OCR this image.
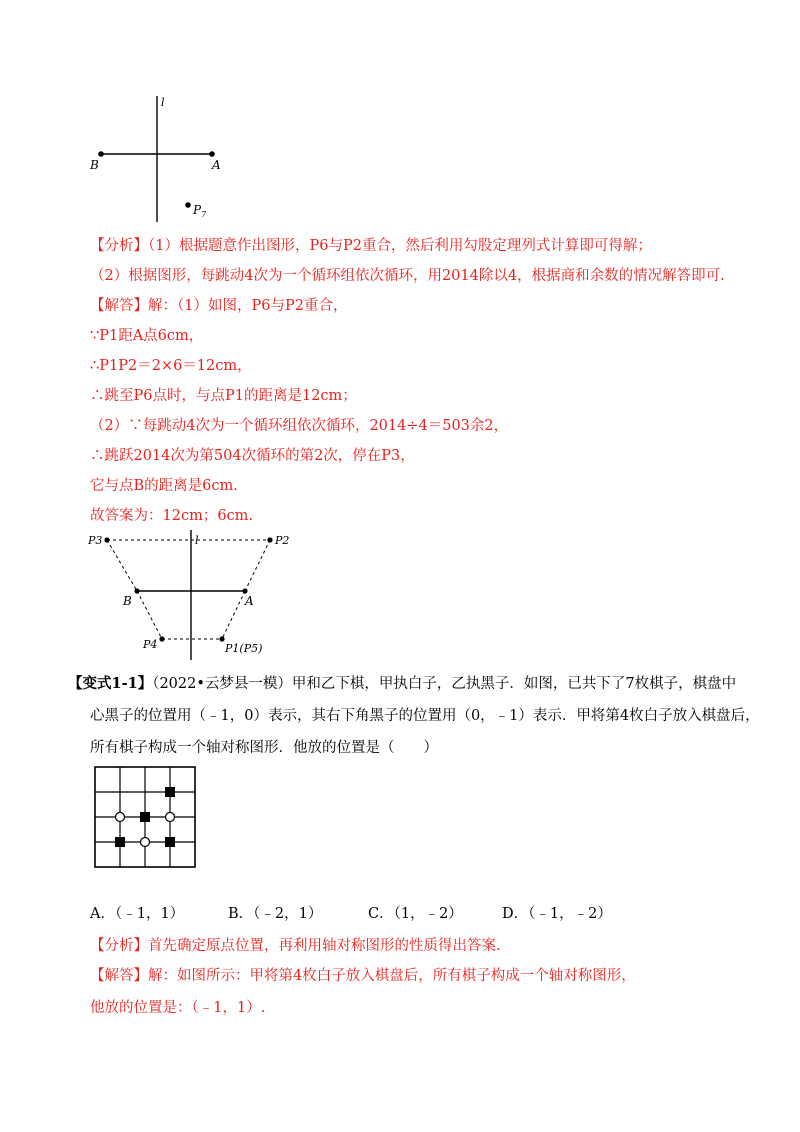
l
B	A
$P_7$
【分析】（1）根据题意作出图形，P6与P2重合，然后利用勾股定理列式计算即可得解；
（2）根据图形，每跳动4次为一个循环组依次循环，用2014除以4，根据商和余数的情况解答即可.
【解答】解：（1）如图，P6与P2重合，
∵P1距A点6cm，
∴P1P2＝2×6＝12cm，
∴跳至P6点时，与点P1的距离是12cm；
（2）∵每跳动4次为一个循环组依次循环，2014÷4＝503余2，
∴跳跃2014次为第504次循环的第2次，停在P3，
它与点B的距离是6cm.
故答案为：12cm；6cm.
P3	P2
l
B	A
P4	P1(P5)
【变式1-1】（2022•云梦县一模）甲和乙下棋，甲执白子，乙执黑子．如图，已共下了7枚棋子，棋盘中
心黑子的位置用（﹣1，0）表示，其右下角黑子的位置用（0，﹣1）表示．甲将第4枚白子放入棋盘后，
所有棋子构成一个轴对称图形．他放的位置是（　　）
A．（﹣1，1）	B．（﹣2，1）	C．（1，﹣2）	D．（﹣1，﹣2）
【分析】首先确定原点位置，再利用轴对称图形的性质得出答案.
【解答】解：如图所示：甲将第4枚白子放入棋盘后，所有棋子构成一个轴对称图形，
他放的位置是：（﹣1，1）.
